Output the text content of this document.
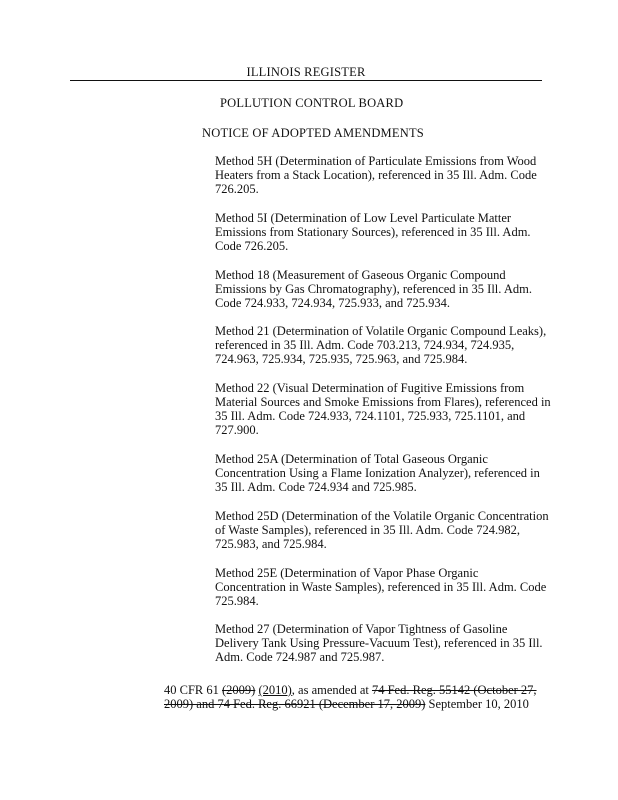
ILLINOIS REGISTER
POLLUTION CONTROL BOARD
NOTICE OF ADOPTED AMENDMENTS
Method 5H (Determination of Particulate Emissions from Wood
Heaters from a Stack Location), referenced in 35 Ill. Adm. Code
726.205.
Method 5I (Determination of Low Level Particulate Matter
Emissions from Stationary Sources), referenced in 35 Ill. Adm.
Code 726.205.
Method 18 (Measurement of Gaseous Organic Compound
Emissions by Gas Chromatography), referenced in 35 Ill. Adm.
Code 724.933, 724.934, 725.933, and 725.934.
Method 21 (Determination of Volatile Organic Compound Leaks),
referenced in 35 Ill. Adm. Code 703.213, 724.934, 724.935,
724.963, 725.934, 725.935, 725.963, and 725.984.
Method 22 (Visual Determination of Fugitive Emissions from
Material Sources and Smoke Emissions from Flares), referenced in
35 Ill. Adm. Code 724.933, 724.1101, 725.933, 725.1101, and
727.900.
Method 25A (Determination of Total Gaseous Organic
Concentration Using a Flame Ionization Analyzer), referenced in
35 Ill. Adm. Code 724.934 and 725.985.
Method 25D (Determination of the Volatile Organic Concentration
of Waste Samples), referenced in 35 Ill. Adm. Code 724.982,
725.983, and 725.984.
Method 25E (Determination of Vapor Phase Organic
Concentration in Waste Samples), referenced in 35 Ill. Adm. Code
725.984.
Method 27 (Determination of Vapor Tightness of Gasoline
Delivery Tank Using Pressure-Vacuum Test), referenced in 35 Ill.
Adm. Code 724.987 and 725.987.
40 CFR 61 (2009) (2010), as amended at 74 Fed. Reg. 55142 (October 27,
2009) and 74 Fed. Reg. 66921 (December 17, 2009) September 10, 2010
